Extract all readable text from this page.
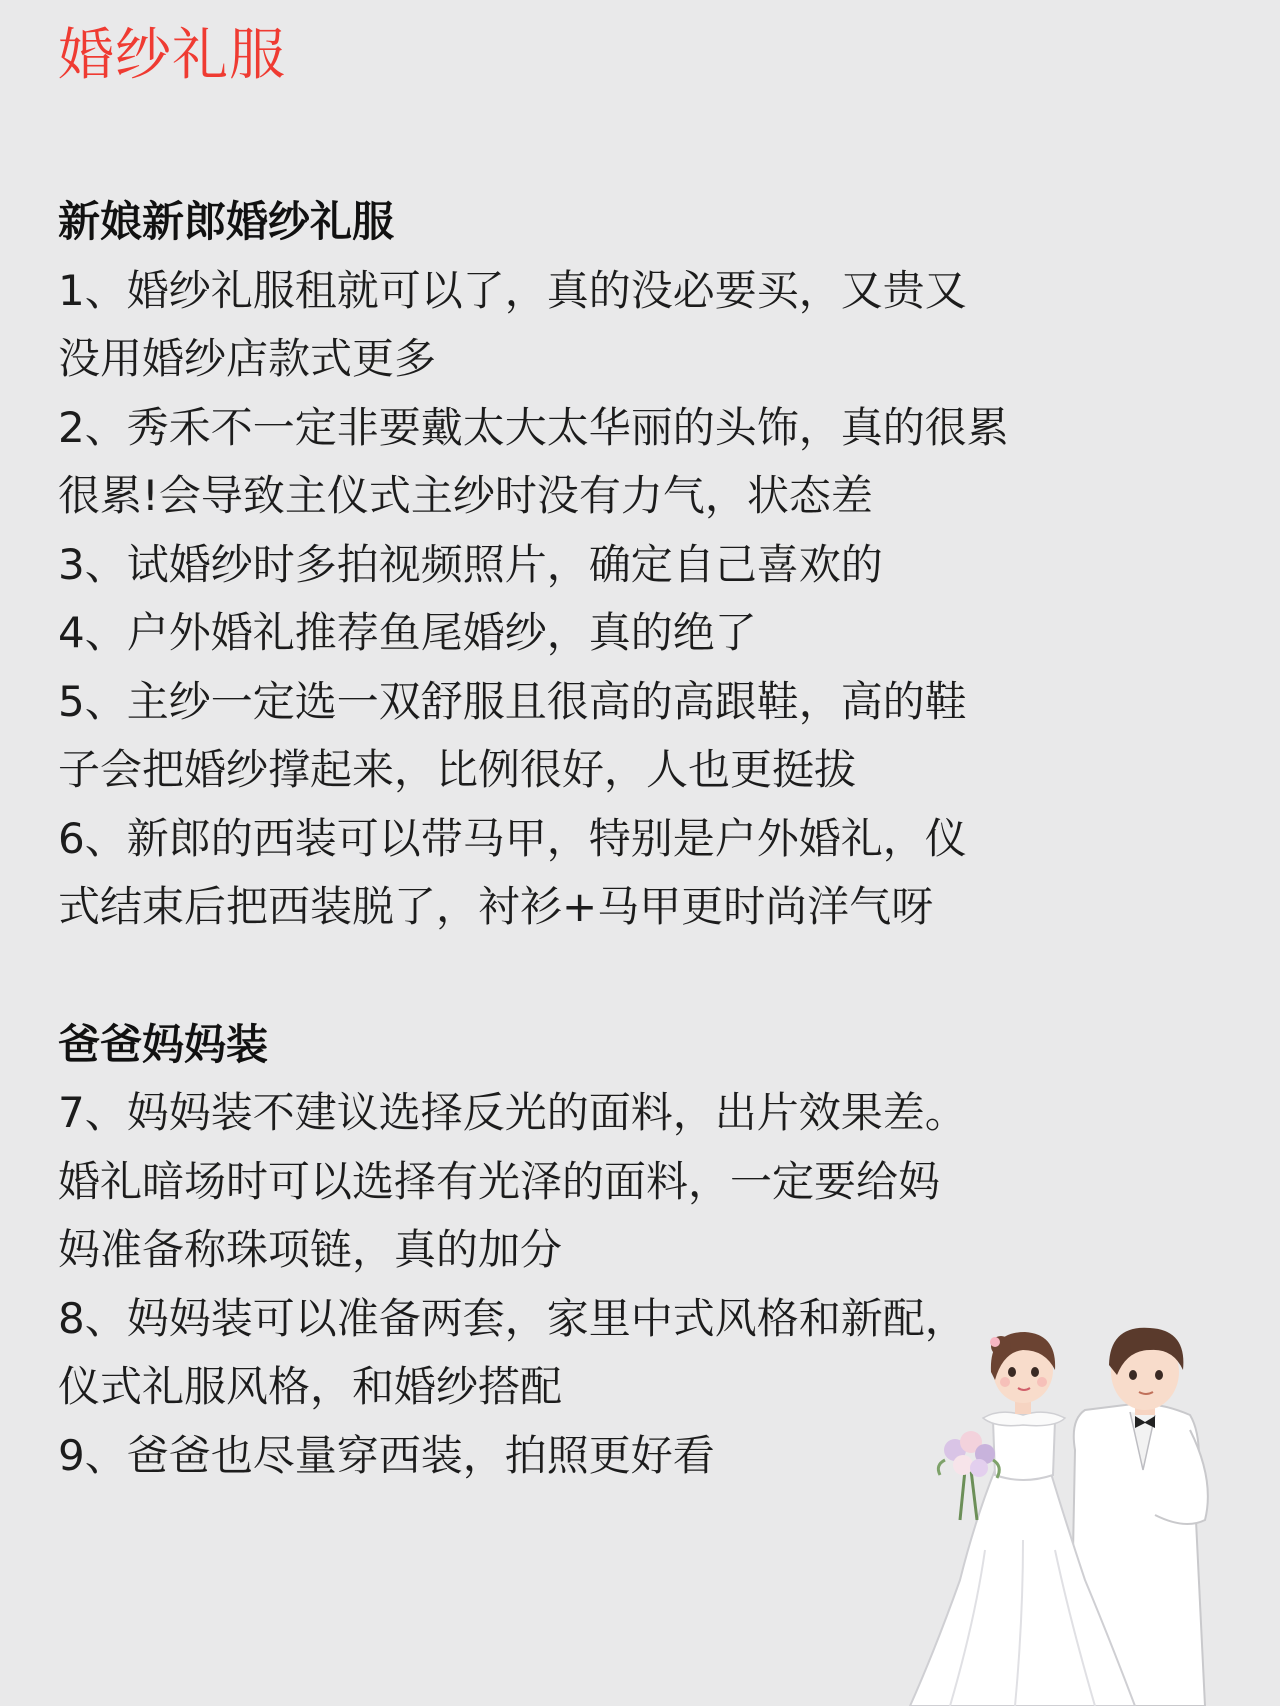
婚纱礼服

新娘新郎婚纱礼服

1、婚纱礼服租就可以了，真的没必要买，又贵又没用婚纱店款式更多

2、秀禾不一定非要戴太大太华丽的头饰，真的很累很累!会导致主仪式主纱时没有力气，状态差

3、试婚纱时多拍视频照片，确定自己喜欢的

4、户外婚礼推荐鱼尾婚纱，真的绝了

5、主纱一定选一双舒服且很高的高跟鞋，高的鞋子会把婚纱撑起来，比例很好，人也更挺拔

6、新郎的西装可以带马甲，特别是户外婚礼，仪式结束后把西装脱了，衬衫+马甲更时尚洋气呀

爸爸妈妈装

7、妈妈装不建议选择反光的面料，出片效果差。婚礼暗场时可以选择有光泽的面料，一定要给妈妈准备称珠项链，真的加分

8、妈妈装可以准备两套，家里中式风格和新配，仪式礼服风格，和婚纱搭配

9、爸爸也尽量穿西装，拍照更好看
